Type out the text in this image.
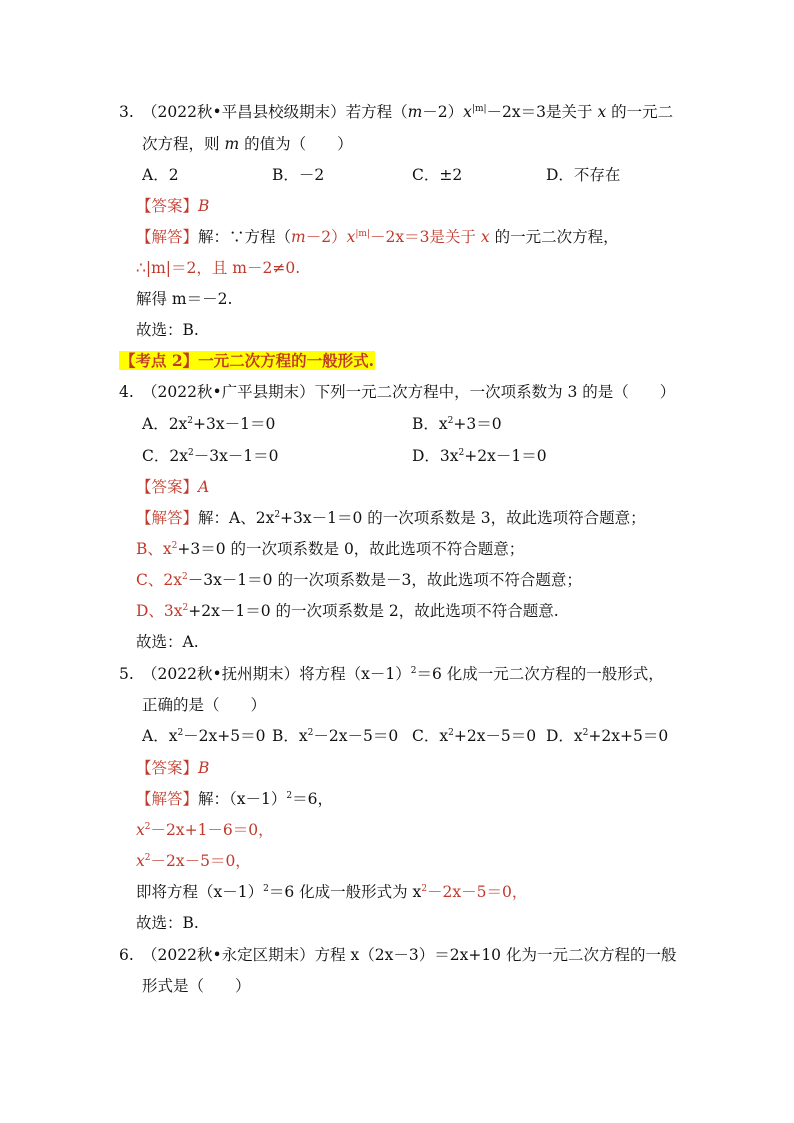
3. （2022秋•平昌县校级期末）若方程$(m-2)x^{|m|}-2x=3$是关于 x 的一元二
次方程，则 m 的值为（　　）
A．2	B．－2	C．±2	D．不存在
【答案】B
【解答】解：∵方程$(m-2)x^{|m|}-2x=3$是关于 x 的一元二次方程，
∴|m|＝2，且 m－2≠0.
解得 m＝－2.
故选：B.
【考点 2】一元二次方程的一般形式.
4. （2022秋•广平县期末）下列一元二次方程中，一次项系数为 3 的是（　　）
A．$2x^2+3x-1=0$	B．$x^2+3=0$
C．$2x^2-3x-1=0$	D．$3x^2+2x-1=0$
【答案】A
【解答】解：A、$2x^2+3x-1=0$ 的一次项系数是 3，故此选项符合题意；
B、$x^2+3=0$ 的一次项系数是 0，故此选项不符合题意；
C、$2x^2-3x-1=0$ 的一次项系数是－3，故此选项不符合题意；
D、$3x^2+2x-1=0$ 的一次项系数是 2，故此选项不符合题意.
故选：A.
5. （2022秋•抚州期末）将方程$(x-1)^2=6$ 化成一元二次方程的一般形式，
正确的是（　　）
A．$x^2-2x+5=0$ B．$x^2-2x-5=0$ C．$x^2+2x-5=0$ D．$x^2+2x+5=0$
【答案】B
【解答】解：$(x-1)^2=6$，
$x^2-2x+1-6=0$，
$x^2-2x-5=0$，
即将方程$(x-1)^2=6$ 化成一般形式为 $x^2-2x-5=0$，
故选：B.
6. （2022秋•永定区期末）方程 x（2x－3）＝2x+10 化为一元二次方程的一般
形式是（　　）
